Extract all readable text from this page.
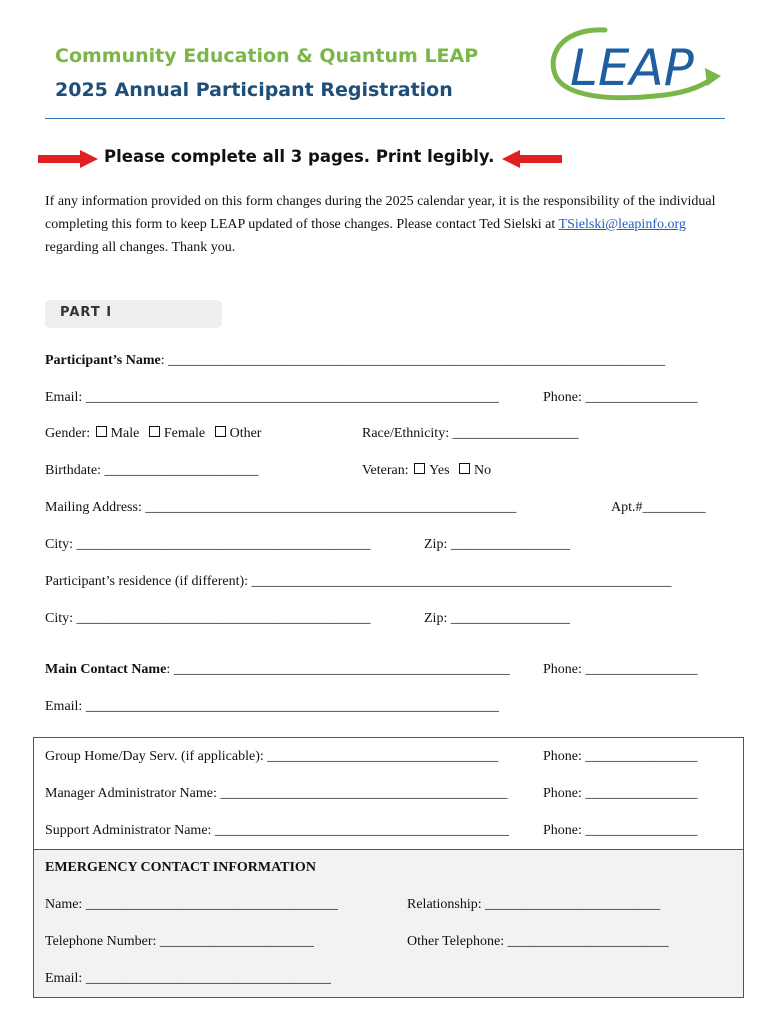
Community Education & Quantum LEAP
2025 Annual Participant Registration LEAP
Please complete all 3 pages. Print legibly.
If any information provided on this form changes during the 2025 calendar year, it is the responsibility of the individual completing this form to keep LEAP updated of those changes. Please contact Ted Sielski at TSielski@leapinfo.org regarding all changes. Thank you.
PART I
Participant’s Name: _______________________________________________________________________
Email: ___________________________________________________________	Phone: ________________
Gender: Male Female Other	Race/Ethnicity: __________________
Birthdate: ______________________	Veteran: Yes No
Mailing Address: _____________________________________________________	Apt.#_________
City: __________________________________________	Zip: _________________
Participant’s residence (if different): ____________________________________________________________
City: __________________________________________	Zip: _________________
Main Contact Name: ________________________________________________ Phone: ________________
Email: ___________________________________________________________
Group Home/Day Serv. (if applicable): _________________________________	Phone: ________________
Manager Administrator Name: _________________________________________	Phone: ________________
Support Administrator Name: __________________________________________ Phone: ________________
EMERGENCY CONTACT INFORMATION
Name: ____________________________________	Relationship: _________________________
Telephone Number: ______________________	Other Telephone: _______________________
Email: ___________________________________
